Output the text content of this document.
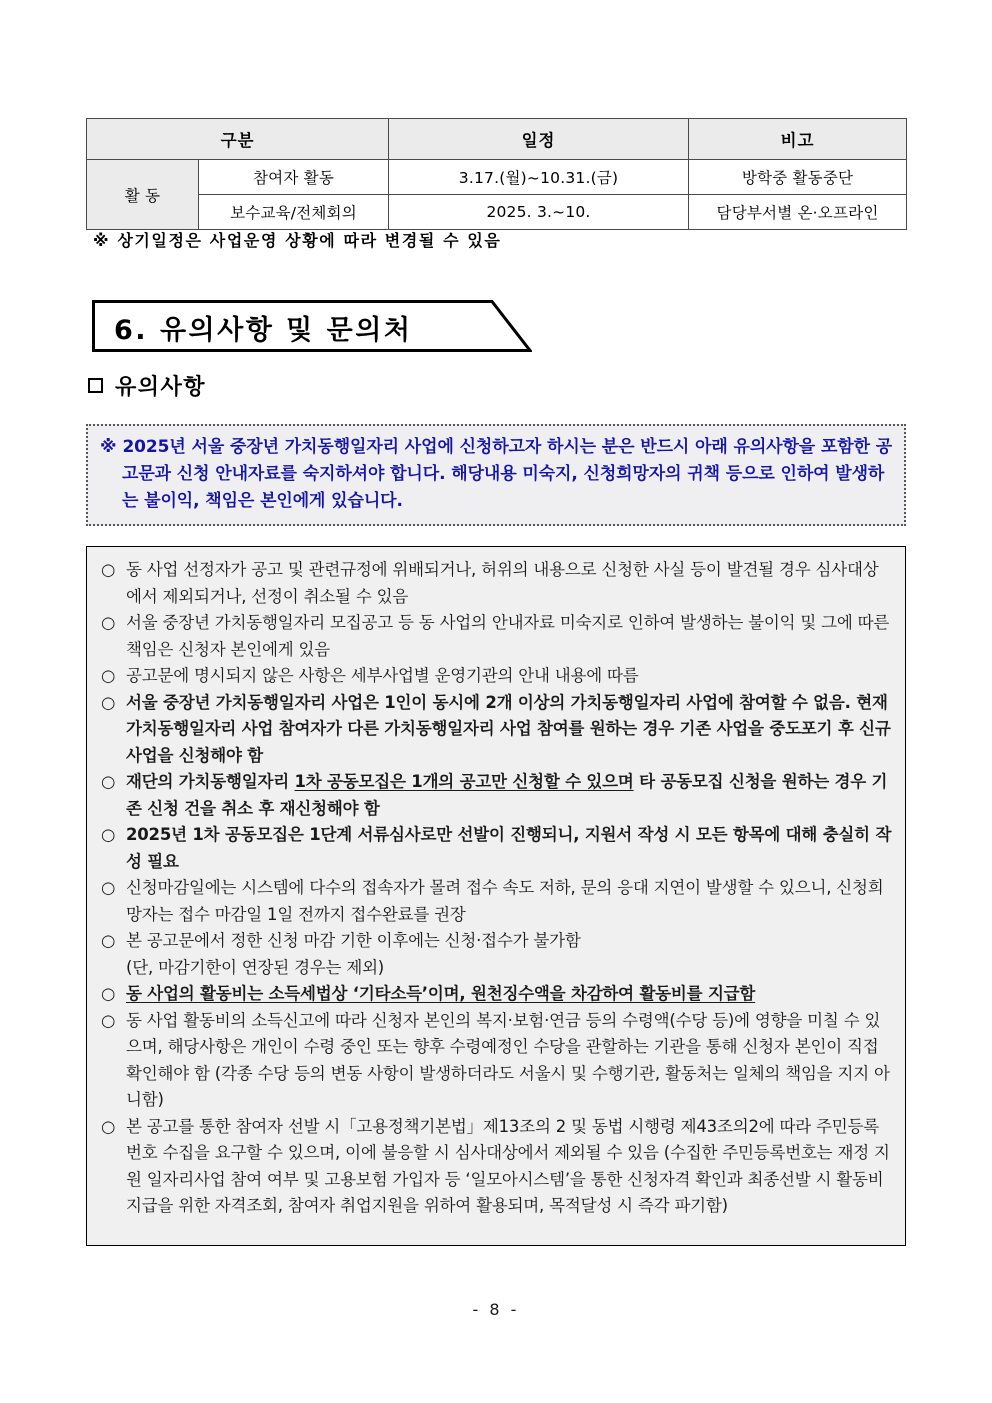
구분		일정	비고
활 동	참여자 활동	3.17.(월)~10.31.(금)	방학중 활동중단
	보수교육/전체회의	2025. 3.~10.	담당부서별 온·오프라인
※ 상기일정은 사업운영 상황에 따라 변경될 수 있음
6. 유의사항 및 문의처
유의사항

※ 2025년 서울 중장년 가치동행일자리 사업에 신청하고자 하시는 분은 반드시 아래 유의사항을 포함한 공고문과 신청 안내자료를 숙지하셔야 합니다. 해당내용 미숙지, 신청희망자의 귀책 등으로 인하여 발생하는 불이익, 책임은 본인에게 있습니다.

○ 동 사업 선정자가 공고 및 관련규정에 위배되거나, 허위의 내용으로 신청한 사실 등이 발견될 경우 심사대상에서 제외되거나, 선정이 취소될 수 있음
○ 서울 중장년 가치동행일자리 모집공고 등 동 사업의 안내자료 미숙지로 인하여 발생하는 불이익 및 그에 따른 책임은 신청자 본인에게 있음
○ 공고문에 명시되지 않은 사항은 세부사업별 운영기관의 안내 내용에 따름
○ 서울 중장년 가치동행일자리 사업은 1인이 동시에 2개 이상의 가치동행일자리 사업에 참여할 수 없음. 현재 가치동행일자리 사업 참여자가 다른 가치동행일자리 사업 참여를 원하는 경우 기존 사업을 중도포기 후 신규 사업을 신청해야 함
○ 재단의 가치동행일자리 1차 공동모집은 1개의 공고만 신청할 수 있으며 타 공동모집 신청을 원하는 경우 기존 신청 건을 취소 후 재신청해야 함
○ 2025년 1차 공동모집은 1단계 서류심사로만 선발이 진행되니, 지원서 작성 시 모든 항목에 대해 충실히 작성 필요
○ 신청마감일에는 시스템에 다수의 접속자가 몰려 접수 속도 저하, 문의 응대 지연이 발생할 수 있으니, 신청희망자는 접수 마감일 1일 전까지 접수완료를 권장
○ 본 공고문에서 정한 신청 마감 기한 이후에는 신청·접수가 불가함
(단, 마감기한이 연장된 경우는 제외)
○ 동 사업의 활동비는 소득세법상 ‘기타소득’이며, 원천징수액을 차감하여 활동비를 지급함
○ 동 사업 활동비의 소득신고에 따라 신청자 본인의 복지·보험·연금 등의 수령액(수당 등)에 영향을 미칠 수 있으며, 해당사항은 개인이 수령 중인 또는 향후 수령예정인 수당을 관할하는 기관을 통해 신청자 본인이 직접 확인해야 함 (각종 수당 등의 변동 사항이 발생하더라도 서울시 및 수행기관, 활동처는 일체의 책임을 지지 아니함)
○ 본 공고를 통한 참여자 선발 시「고용정책기본법」제13조의 2 및 동법 시행령 제43조의2에 따라 주민등록번호 수집을 요구할 수 있으며, 이에 불응할 시 심사대상에서 제외될 수 있음 (수집한 주민등록번호는 재정 지원 일자리사업 참여 여부 및 고용보험 가입자 등 ‘일모아시스템’을 통한 신청자격 확인과 최종선발 시 활동비 지급을 위한 자격조회, 참여자 취업지원을 위하여 활용되며, 목적달성 시 즉각 파기함)
- 8 -
